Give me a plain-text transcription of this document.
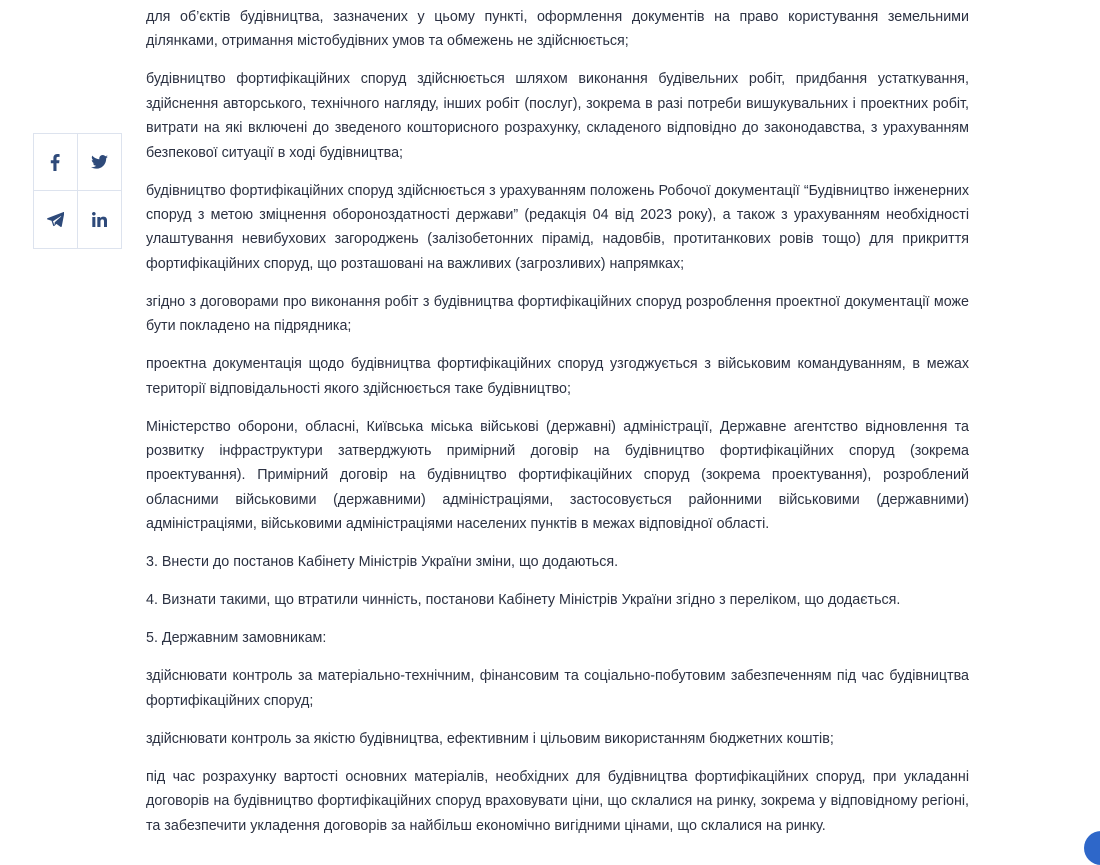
для об’єктів будівництва, зазначених у цьому пункті, оформлення документів на право користування земельними ділянками, отримання містобудівних умов та обмежень не здійснюється;

будівництво фортифікаційних споруд здійснюється шляхом виконання будівельних робіт, придбання устаткування, здійснення авторського, технічного нагляду, інших робіт (послуг), зокрема в разі потреби вишукувальних і проектних робіт, витрати на які включені до зведеного кошторисного розрахунку, складеного відповідно до законодавства, з урахуванням безпекової ситуації в ході будівництва;

будівництво фортифікаційних споруд здійснюється з урахуванням положень Робочої документації “Будівництво інженерних споруд з метою зміцнення обороноздатності держави” (редакція 04 від 2023 року), а також з урахуванням необхідності улаштування невибухових загороджень (залізобетонних пірамід, надовбів, протитанкових ровів тощо) для прикриття фортифікаційних споруд, що розташовані на важливих (загрозливих) напрямках;

згідно з договорами про виконання робіт з будівництва фортифікаційних споруд розроблення проектної документації може бути покладено на підрядника;

проектна документація щодо будівництва фортифікаційних споруд узгоджується з військовим командуванням, в межах території відповідальності якого здійснюється таке будівництво;

Міністерство оборони, обласні, Київська міська військові (державні) адміністрації, Державне агентство відновлення та розвитку інфраструктури затверджують примірний договір на будівництво фортифікаційних споруд (зокрема проектування). Примірний договір на будівництво фортифікаційних споруд (зокрема проектування), розроблений обласними військовими (державними) адміністраціями, застосовується районними військовими (державними) адміністраціями, військовими адміністраціями населених пунктів в межах відповідної області.

3. Внести до постанов Кабінету Міністрів України зміни, що додаються.

4. Визнати такими, що втратили чинність, постанови Кабінету Міністрів України згідно з переліком, що додається.

5. Державним замовникам:

здійснювати контроль за матеріально-технічним, фінансовим та соціально-побутовим забезпеченням під час будівництва фортифікаційних споруд;

здійснювати контроль за якістю будівництва, ефективним і цільовим використанням бюджетних коштів;

під час розрахунку вартості основних матеріалів, необхідних для будівництва фортифікаційних споруд, при укладанні договорів на будівництво фортифікаційних споруд враховувати ціни, що склалися на ринку, зокрема у відповідному регіоні, та забезпечити укладення договорів за найбільш економічно вигідними цінами, що склалися на ринку.
